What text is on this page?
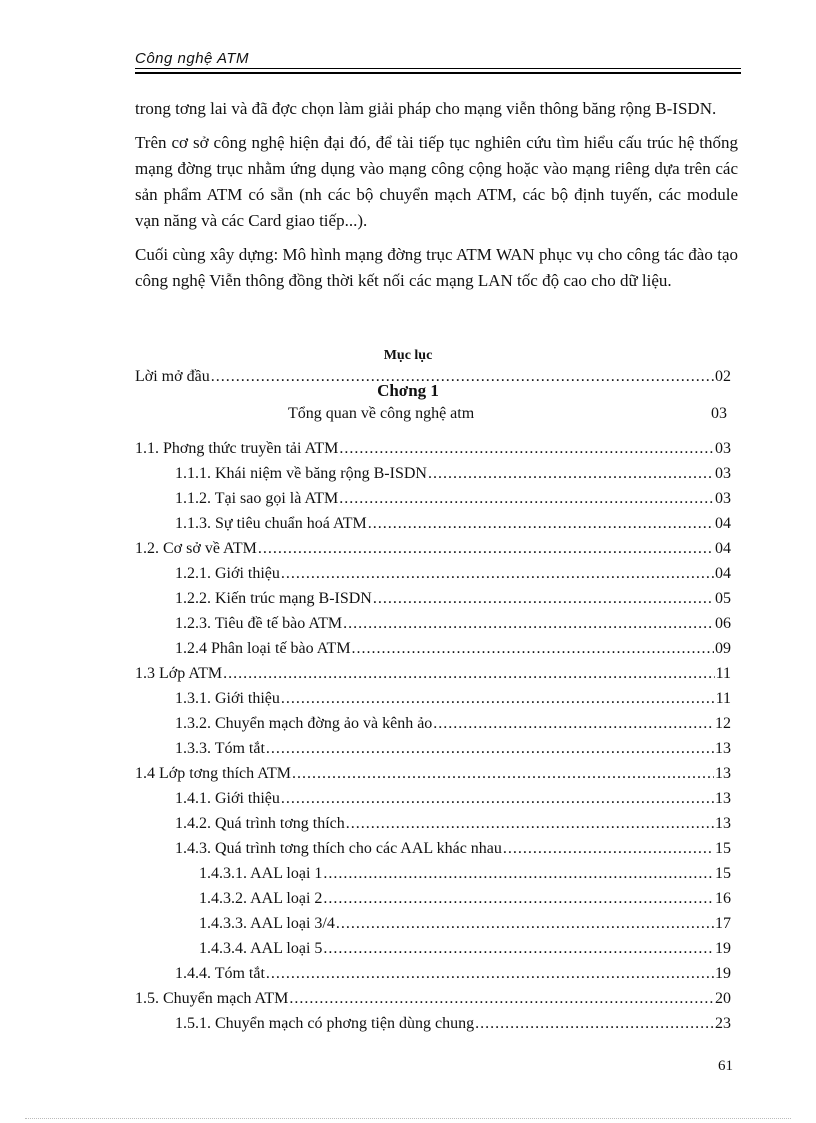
Công nghệ ATM

trong tơng lai và đã đợc chọn làm giải pháp cho mạng viễn thông băng rộng B-ISDN.

Trên cơ sở công nghệ hiện đại đó, để tài tiếp tục nghiên cứu tìm hiểu cấu trúc hệ thống mạng đờng trục nhằm ứng dụng vào mạng công cộng hoặc vào mạng riêng dựa trên các sản phẩm ATM có sẵn (nh các bộ chuyển mạch ATM, các bộ định tuyến, các module vạn năng và các Card giao tiếp...).

Cuối cùng xây dựng: Mô hình mạng đờng trục ATM WAN phục vụ cho công tác đào tạo công nghệ Viễn thông đồng thời kết nối các mạng LAN tốc độ cao cho dữ liệu.

Mục lục
Lời mở đầu .....	02
Chơng 1
Tổng quan về công nghệ atm	03
1.1. Phơng thức truyền tải ATM .....	03
1.1.1. Khái niệm về băng rộng B-ISDN .....	03
1.1.2. Tại sao gọi là ATM .....	03
1.1.3. Sự tiêu chuẩn hoá ATM .....	04
1.2. Cơ sở về ATM .....	04
1.2.1. Giới thiệu .....	04
1.2.2. Kiến trúc mạng B-ISDN .....	05
1.2.3. Tiêu đề tế bào ATM .....	06
1.2.4 Phân loại tế bào ATM .....	09
1.3 Lớp ATM .....	11
1.3.1. Giới thiệu .....	11
1.3.2. Chuyển mạch đờng ảo và kênh ảo .....	12
1.3.3. Tóm tắt .....	13
1.4 Lớp tơng thích ATM .....	13
1.4.1. Giới thiệu .....	13
1.4.2. Quá trình tơng thích .....	13
1.4.3. Quá trình tơng thích cho các AAL khác nhau .....	15
1.4.3.1. AAL loại 1 .....	15
1.4.3.2. AAL loại 2 .....	16
1.4.3.3. AAL loại 3/4 .....	17
1.4.3.4. AAL loại 5 .....	19
1.4.4. Tóm tắt .....	19
1.5. Chuyển mạch ATM .....	20
1.5.1. Chuyển mạch có phơng tiện dùng chung .....	23
61
